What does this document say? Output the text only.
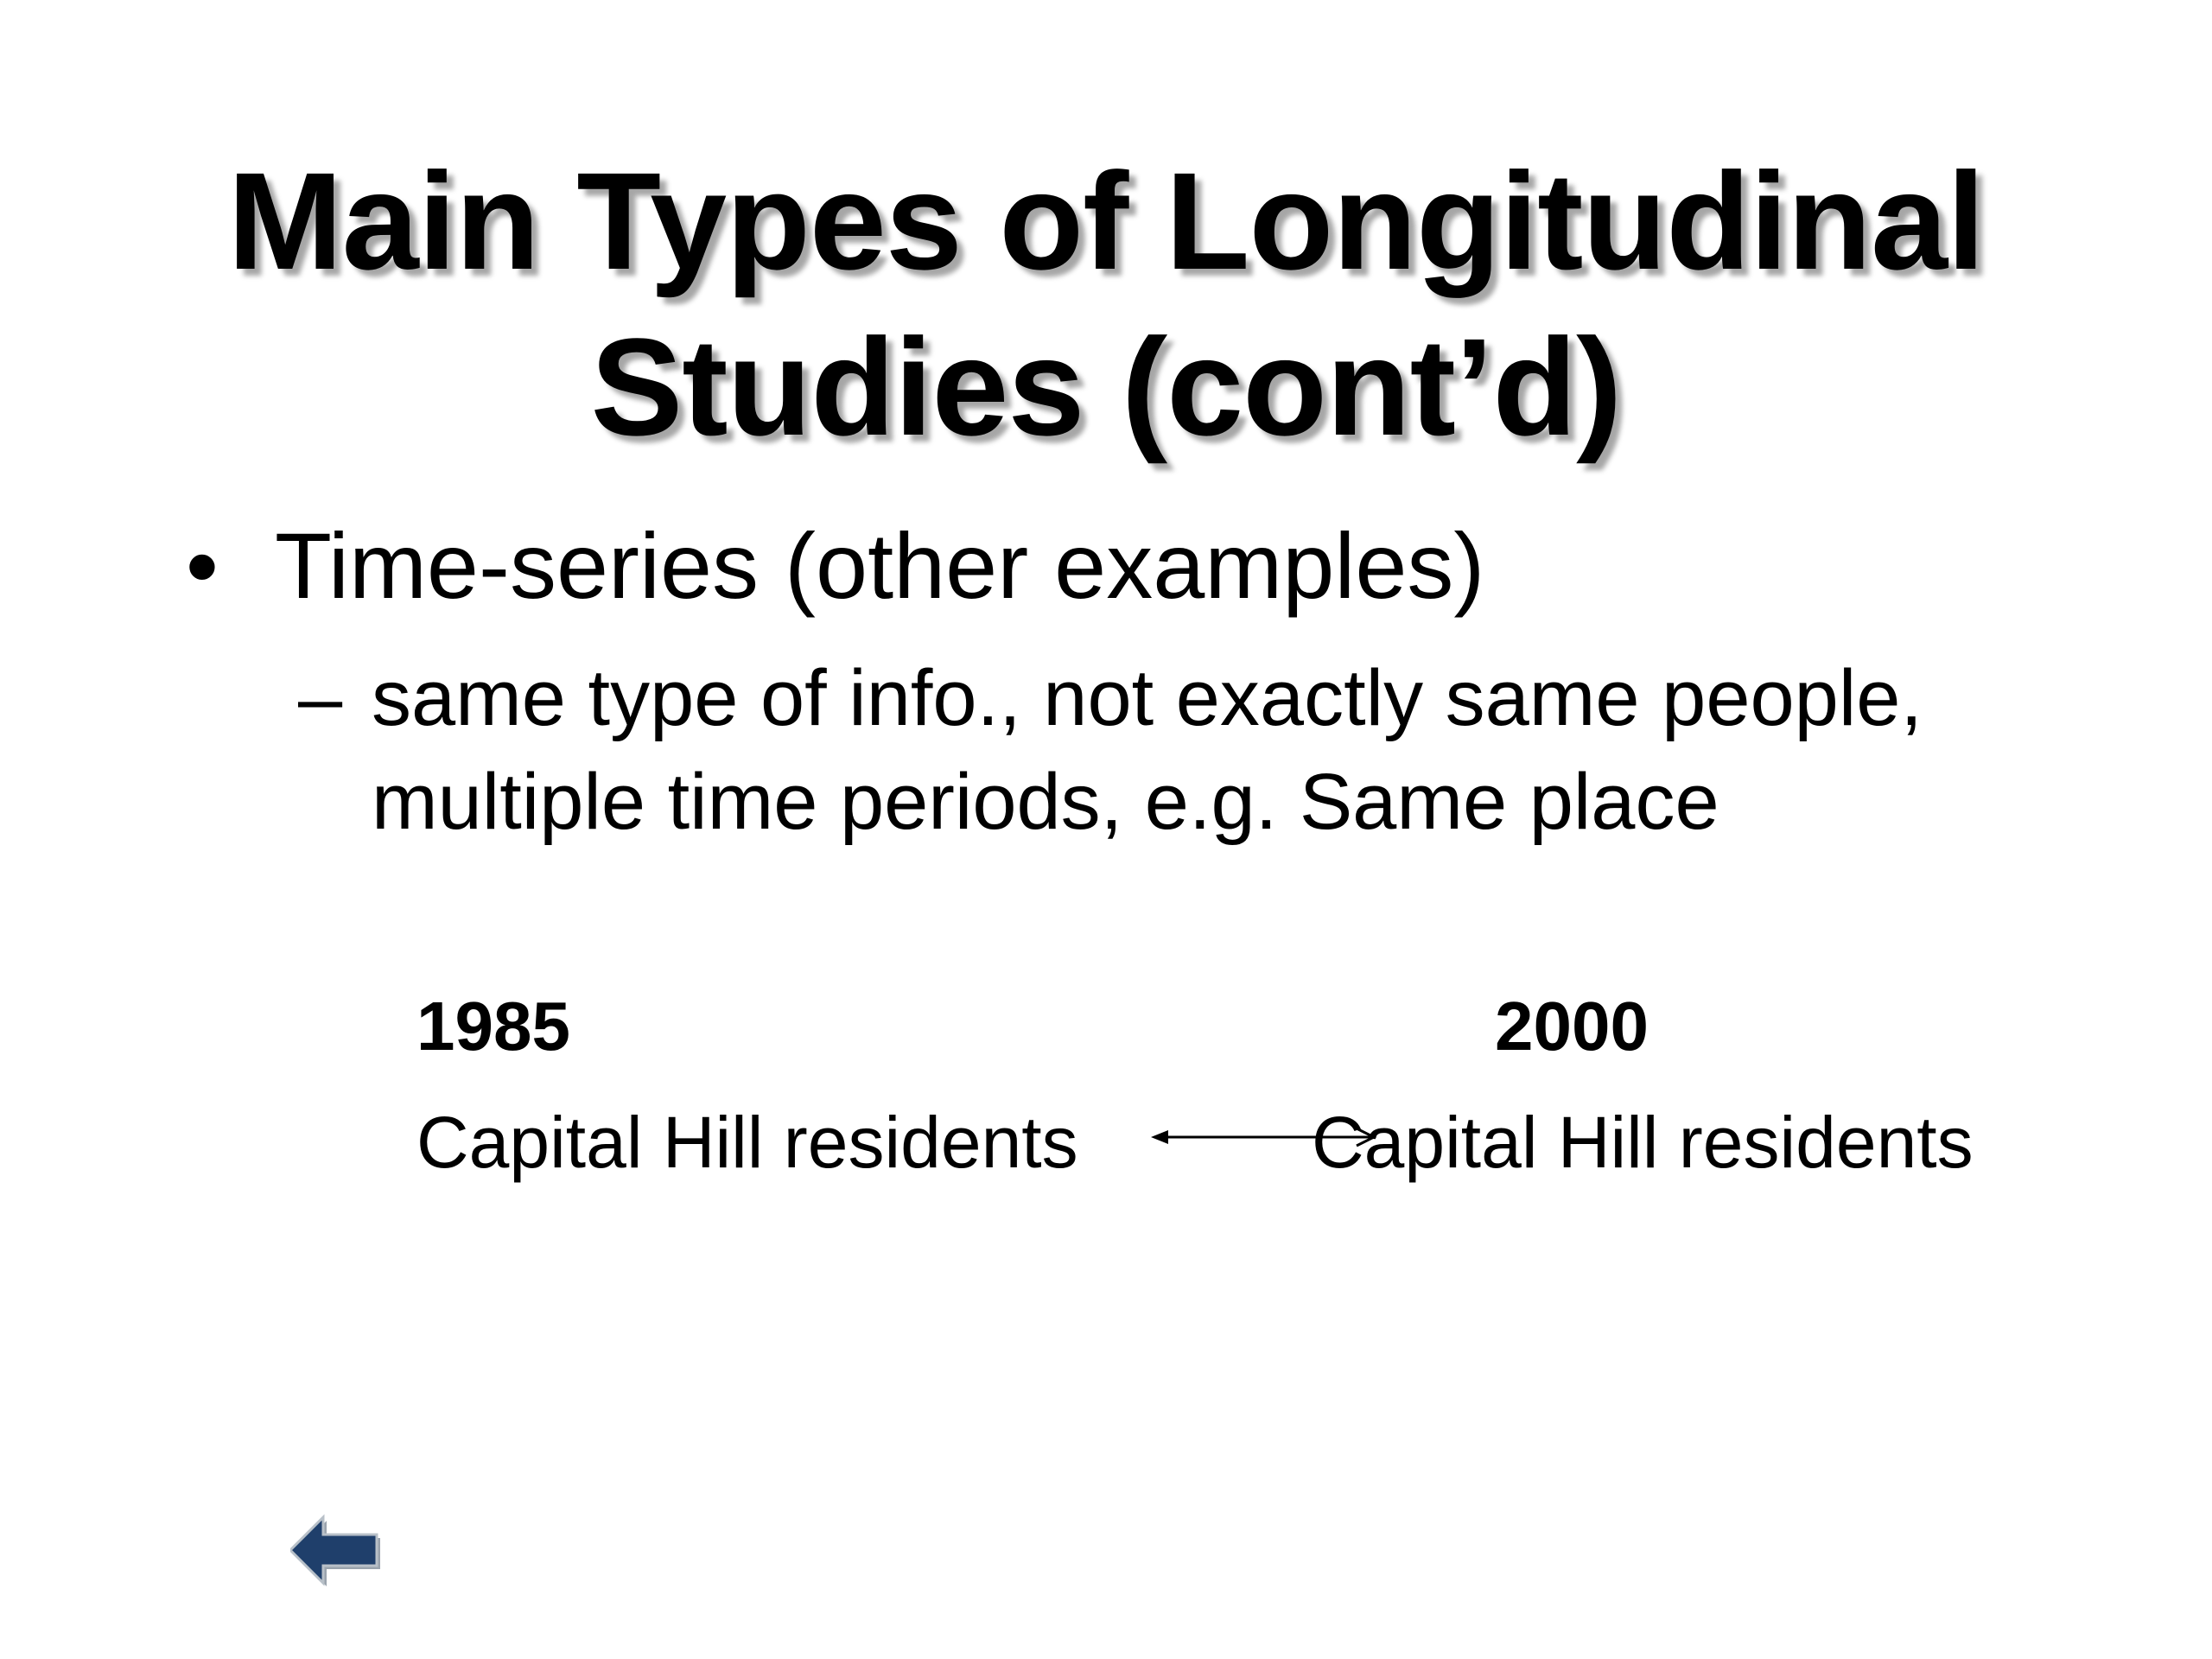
Main Types of Longitudinal
Studies (cont’d)
• Time-series (other examples)
– same type of info., not exactly same people, multiple time periods, e.g. Same place
1985	2000
Capital Hill residents	Capital Hill residents
